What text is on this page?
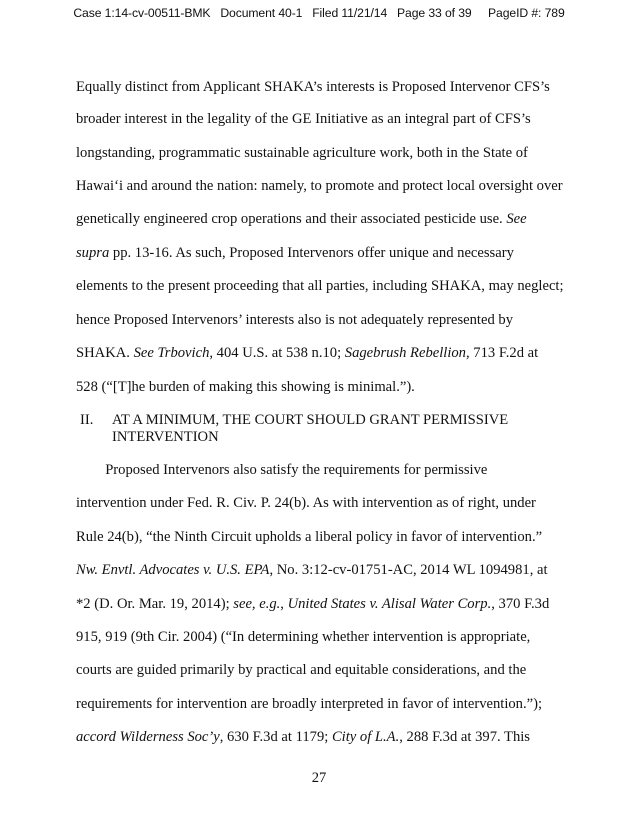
Case 1:14-cv-00511-BMK   Document 40-1   Filed 11/21/14   Page 33 of 39     PageID #: 789
Equally distinct from Applicant SHAKA’s interests is Proposed Intervenor CFS’s
broader interest in the legality of the GE Initiative as an integral part of CFS’s
longstanding, programmatic sustainable agriculture work, both in the State of
Hawai‘i and around the nation: namely, to promote and protect local oversight over
genetically engineered crop operations and their associated pesticide use. See
supra pp. 13-16. As such, Proposed Intervenors offer unique and necessary
elements to the present proceeding that all parties, including SHAKA, may neglect;
hence Proposed Intervenors’ interests also is not adequately represented by
SHAKA. See Trbovich, 404 U.S. at 538 n.10; Sagebrush Rebellion, 713 F.2d at
528 (“[T]he burden of making this showing is minimal.”).
II. AT A MINIMUM, THE COURT SHOULD GRANT PERMISSIVE
INTERVENTION
Proposed Intervenors also satisfy the requirements for permissive
intervention under Fed. R. Civ. P. 24(b). As with intervention as of right, under
Rule 24(b), “the Ninth Circuit upholds a liberal policy in favor of intervention.”
Nw. Envtl. Advocates v. U.S. EPA, No. 3:12-cv-01751-AC, 2014 WL 1094981, at
*2 (D. Or. Mar. 19, 2014); see, e.g., United States v. Alisal Water Corp., 370 F.3d
915, 919 (9th Cir. 2004) (“In determining whether intervention is appropriate,
courts are guided primarily by practical and equitable considerations, and the
requirements for intervention are broadly interpreted in favor of intervention.”);
accord Wilderness Soc’y, 630 F.3d at 1179; City of L.A., 288 F.3d at 397. This
27
